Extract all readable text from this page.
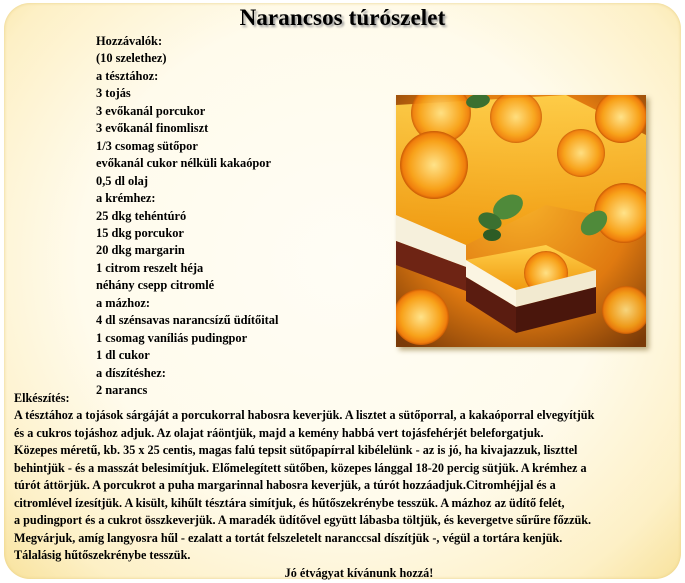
Narancsos túrószelet
Hozzávalók:
(10 szelethez)
a tésztához:
3 tojás
3 evőkanál porcukor
3 evőkanál finomliszt
1/3 csomag sütőpor
evőkanál cukor nélküli kakaópor
0,5 dl olaj
a krémhez:
25 dkg tehéntúró
15 dkg porcukor
20 dkg margarin
1 citrom reszelt héja
néhány csepp citromlé
a mázhoz:
4 dl szénsavas narancsízű üdítőital
1 csomag vaníliás pudingpor
1 dl cukor
a díszítéshez:
2 narancs
Elkészítés:
A tésztához a tojások sárgáját a porcukorral habosra keverjük. A lisztet a sütőporral, a kakaóporral elvegyítjük
és a cukros tojáshoz adjuk. Az olajat ráöntjük, majd a kemény habbá vert tojásfehérjét beleforgatjuk.
Közepes méretű, kb. 35 x 25 centis, magas falú tepsit sütőpapírral kibélelünk - az is jó, ha kivajazzuk, liszttel
behintjük - és a masszát belesimítjuk. Előmelegített sütőben, közepes lánggal 18-20 percig sütjük. A krémhez a
túrót áttörjük. A porcukrot a puha margarinnal habosra keverjük, a túrót hozzáadjuk.Citromhéjjal és a
citromlével ízesítjük. A kisült, kihűlt tésztára simítjuk, és hűtőszekrénybe tesszük. A mázhoz az üdítő felét,
a pudingport és a cukrot összkeverjük. A maradék üdítővel együtt lábasba töltjük, és kevergetve sűrűre főzzük.
Megvárjuk, amíg langyosra hűl - ezalatt a tortát felszeletelt naranccsal díszítjük -, végül a tortára kenjük.
Tálalásig hűtőszekrénybe tesszük.
Jó étvágyat kívánunk hozzá!
